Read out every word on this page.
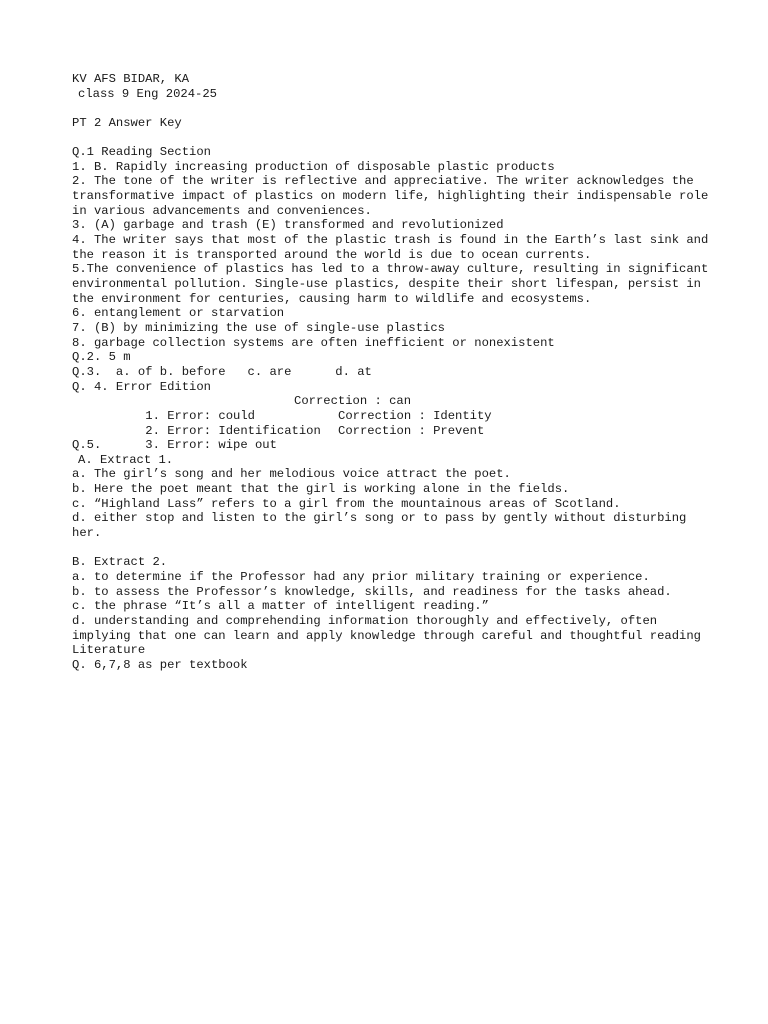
KV AFS BIDAR, KA
class 9 Eng 2024-25
PT 2 Answer Key
Q.1 Reading Section
1. B. Rapidly increasing production of disposable plastic products
2. The tone of the writer is reflective and appreciative. The writer acknowledges the transformative impact of plastics on modern life, highlighting their indispensable role in various advancements and conveniences.
3. (A) garbage and trash (E) transformed and revolutionized
4. The writer says that most of the plastic trash is found in the Earth’s last sink and the reason it is transported around the world is due to ocean currents.
5.The convenience of plastics has led to a throw-away culture, resulting in significant environmental pollution. Single-use plastics, despite their short lifespan, persist in the environment for centuries, causing harm to wildlife and ecosystems.
6. entanglement or starvation
7. (B) by minimizing the use of single-use plastics
8. garbage collection systems are often inefficient or nonexistent
Q.2. 5 m
Q.3.  a. of b. before   c. are      d. at
Q. 4. Error Edition

1. Error: could

Correction : can

2. Error: Identification

Correction : Identity

3. Error: wipe out

Correction : Prevent

Q.5.
A. Extract 1.
a. The girl’s song and her melodious voice attract the poet.
b. Here the poet meant that the girl is working alone in the fields.
c. “Highland Lass” refers to a girl from the mountainous areas of Scotland.
d. either stop and listen to the girl’s song or to pass by gently without disturbing her.
B. Extract 2.
a. to determine if the Professor had any prior military training or experience.
b. to assess the Professor’s knowledge, skills, and readiness for the tasks ahead.
c. the phrase “It’s all a matter of intelligent reading.”
d. understanding and comprehending information thoroughly and effectively, often implying that one can learn and apply knowledge through careful and thoughtful reading
Literature
Q. 6,7,8 as per textbook
